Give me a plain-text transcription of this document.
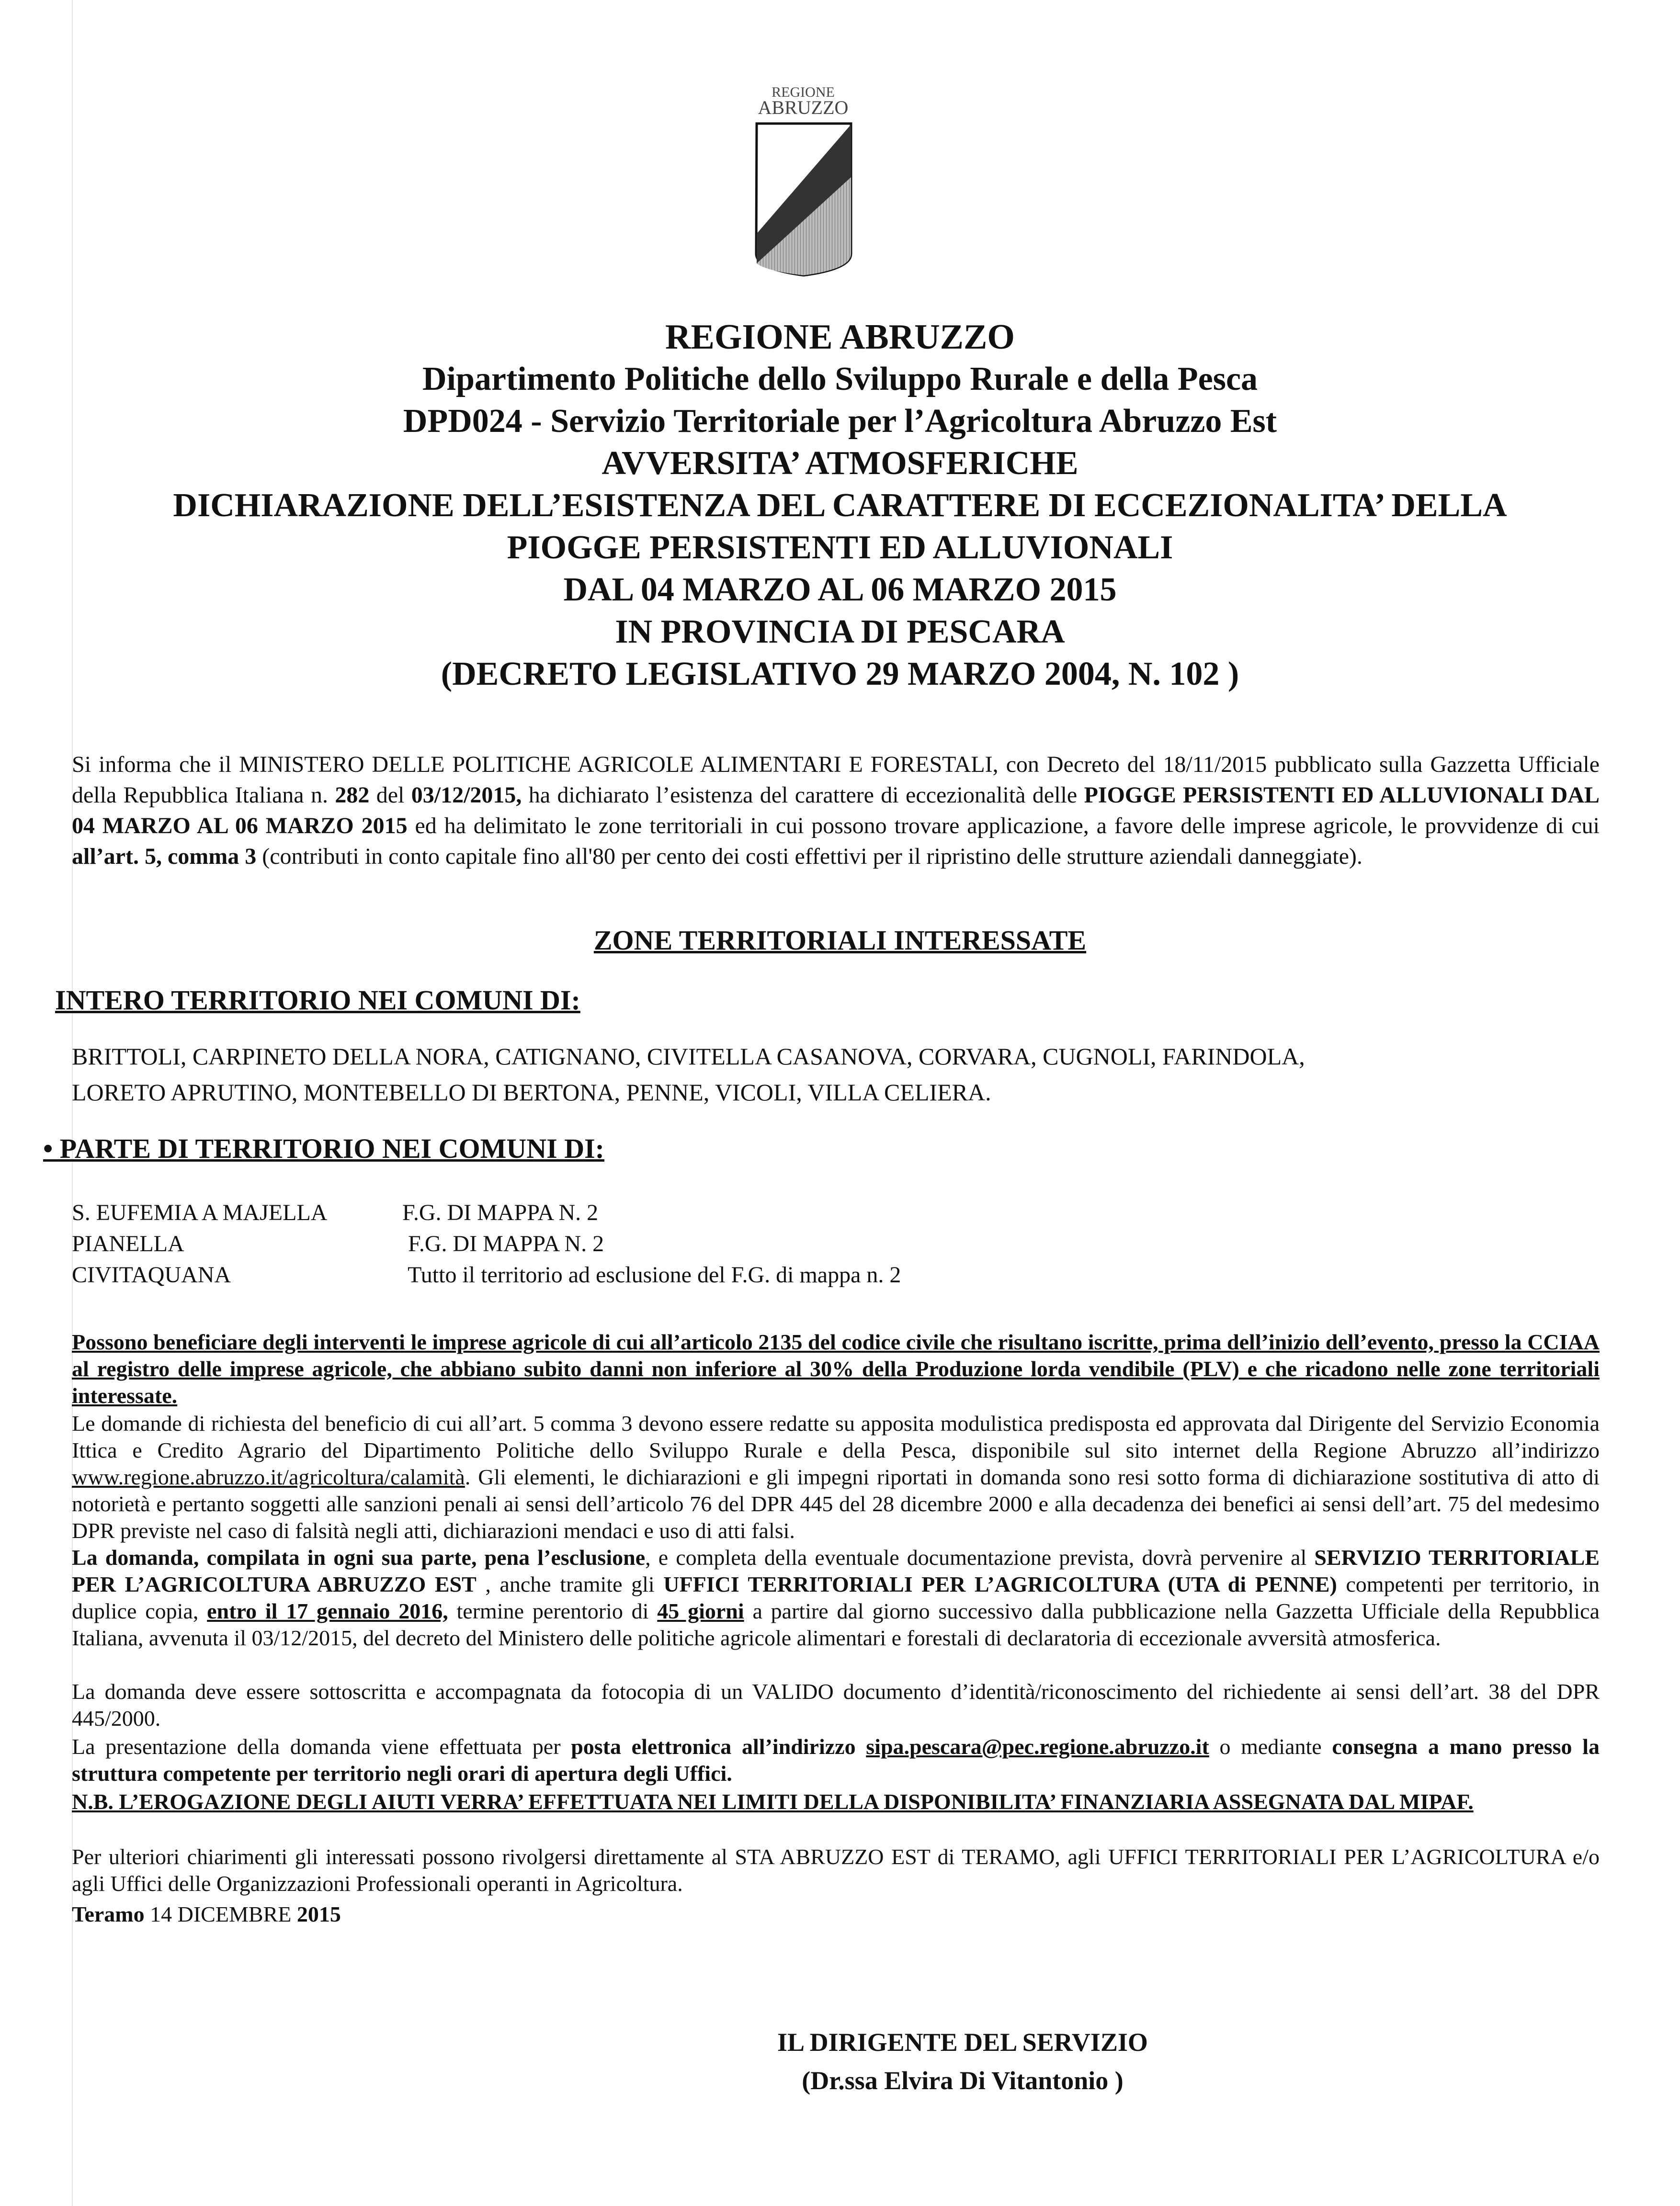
REGIONE
ABRUZZO
REGIONE ABRUZZO
Dipartimento Politiche dello Sviluppo Rurale e della Pesca
DPD024 - Servizio Territoriale per l’Agricoltura Abruzzo Est
AVVERSITA’ ATMOSFERICHE
DICHIARAZIONE DELL’ESISTENZA DEL CARATTERE DI ECCEZIONALITA’ DELLA
PIOGGE PERSISTENTI ED ALLUVIONALI
DAL 04 MARZO AL 06 MARZO 2015
IN PROVINCIA DI PESCARA
(DECRETO LEGISLATIVO 29 MARZO 2004, N. 102 )
Si informa che il MINISTERO DELLE POLITICHE AGRICOLE ALIMENTARI E FORESTALI, con Decreto del 18/11/2015 pubblicato sulla Gazzetta Ufficiale della Repubblica Italiana n. 282 del 03/12/2015, ha dichiarato l’esistenza del carattere di eccezionalità delle PIOGGE PERSISTENTI ED ALLUVIONALI DAL 04 MARZO AL 06 MARZO 2015 ed ha delimitato le zone territoriali in cui possono trovare applicazione, a favore delle imprese agricole, le provvidenze di cui all’art. 5, comma 3 (contributi in conto capitale fino all'80 per cento dei costi effettivi per il ripristino delle strutture aziendali danneggiate).
ZONE TERRITORIALI INTERESSATE
INTERO TERRITORIO NEI COMUNI DI:
BRITTOLI, CARPINETO DELLA NORA, CATIGNANO, CIVITELLA CASANOVA, CORVARA, CUGNOLI, FARINDOLA,
LORETO APRUTINO, MONTEBELLO DI BERTONA, PENNE, VICOLI, VILLA CELIERA.
• PARTE DI TERRITORIO NEI COMUNI DI:
S. EUFEMIA A MAJELLA	F.G. DI MAPPA N. 2
PIANELLA	F.G. DI MAPPA N. 2
CIVITAQUANA	Tutto il territorio ad esclusione del F.G. di mappa n. 2
Possono beneficiare degli interventi le imprese agricole di cui all’articolo 2135 del codice civile che risultano iscritte, prima dell’inizio dell’evento, presso la CCIAA al registro delle imprese agricole, che abbiano subito danni non inferiore al 30% della Produzione lorda vendibile (PLV) e che ricadono nelle zone territoriali interessate.
Le domande di richiesta del beneficio di cui all’art. 5 comma 3 devono essere redatte su apposita modulistica predisposta ed approvata dal Dirigente del Servizio Economia Ittica e Credito Agrario del Dipartimento Politiche dello Sviluppo Rurale e della Pesca, disponibile sul sito internet della Regione Abruzzo all’indirizzo www.regione.abruzzo.it/agricoltura/calamità. Gli elementi, le dichiarazioni e gli impegni riportati in domanda sono resi sotto forma di dichiarazione sostitutiva di atto di notorietà e pertanto soggetti alle sanzioni penali ai sensi dell’articolo 76 del DPR 445 del 28 dicembre 2000 e alla decadenza dei benefici ai sensi dell’art. 75 del medesimo DPR previste nel caso di falsità negli atti, dichiarazioni mendaci e uso di atti falsi.
La domanda, compilata in ogni sua parte, pena l’esclusione, e completa della eventuale documentazione prevista, dovrà pervenire al SERVIZIO TERRITORIALE PER L’AGRICOLTURA ABRUZZO EST , anche tramite gli UFFICI TERRITORIALI PER L’AGRICOLTURA (UTA di PENNE) competenti per territorio, in duplice copia, entro il 17 gennaio 2016, termine perentorio di 45 giorni a partire dal giorno successivo dalla pubblicazione nella Gazzetta Ufficiale della Repubblica Italiana, avvenuta il 03/12/2015, del decreto del Ministero delle politiche agricole alimentari e forestali di declaratoria di eccezionale avversità atmosferica.
La domanda deve essere sottoscritta e accompagnata da fotocopia di un VALIDO documento d’identità/riconoscimento del richiedente ai sensi dell’art. 38 del DPR 445/2000.
La presentazione della domanda viene effettuata per posta elettronica all’indirizzo sipa.pescara@pec.regione.abruzzo.it o mediante consegna a mano presso la struttura competente per territorio negli orari di apertura degli Uffici.
N.B. L’EROGAZIONE DEGLI AIUTI VERRA’ EFFETTUATA NEI LIMITI DELLA DISPONIBILITA’ FINANZIARIA ASSEGNATA DAL MIPAF.
Per ulteriori chiarimenti gli interessati possono rivolgersi direttamente al STA ABRUZZO EST di TERAMO, agli UFFICI TERRITORIALI PER L’AGRICOLTURA e/o agli Uffici delle Organizzazioni Professionali operanti in Agricoltura.
Teramo 14 DICEMBRE 2015
IL DIRIGENTE DEL SERVIZIO
(Dr.ssa Elvira Di Vitantonio )
